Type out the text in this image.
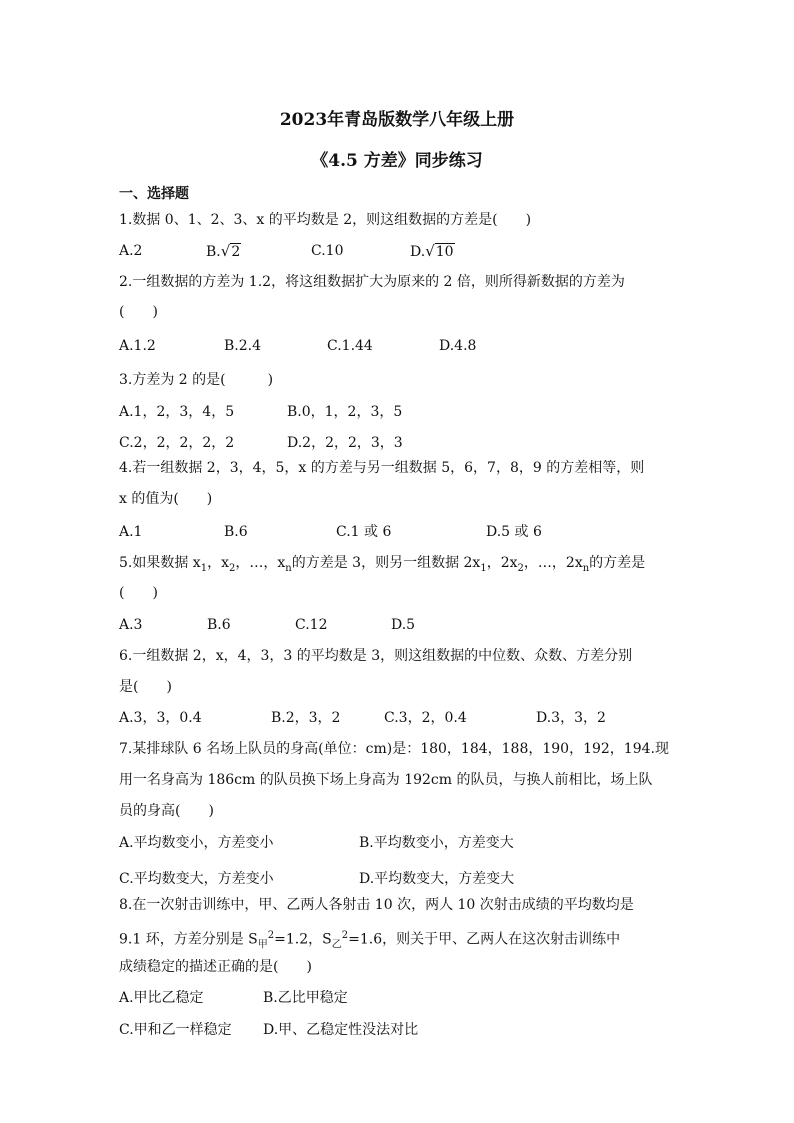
2023年青岛版数学八年级上册
《4.5 方差》同步练习
一、选择题
1.数据 0、1、2、3、x 的平均数是 2，则这组数据的方差是(　　)
A.2	B.√2	C.10	D.√10
2.一组数据的方差为 1.2，将这组数据扩大为原来的 2 倍，则所得新数据的方差为
(　　)
A.1.2	B.2.4	C.1.44	D.4.8
3.方差为 2 的是(　　　)
A.1，2，3，4，5	B.0，1，2，3，5
C.2，2，2，2，2	D.2，2，2，3，3
4.若一组数据 2，3，4，5，x 的方差与另一组数据 5，6，7，8，9 的方差相等，则
x 的值为(　　)
A.1	B.6	C.1 或 6	D.5 或 6
5.如果数据 $x_1$，$x_2$，…，$x_n$的方差是 3，则另一组数据 $2x_1$，$2x_2$，…，$2x_n$的方差是
(　　)
A.3	B.6	C.12	D.5
6.一组数据 2，x，4，3，3 的平均数是 3，则这组数据的中位数、众数、方差分别
是(　　)
A.3，3，0.4	B.2，3，2	C.3，2，0.4	D.3，3，2
7.某排球队 6 名场上队员的身高(单位：cm)是：180，184，188，190，192，194.现
用一名身高为 186cm 的队员换下场上身高为 192cm 的队员，与换人前相比，场上队
员的身高(　　)
A.平均数变小，方差变小	B.平均数变小，方差变大
C.平均数变大，方差变小	D.平均数变大，方差变大
8.在一次射击训练中，甲、乙两人各射击 10 次，两人 10 次射击成绩的平均数均是
9.1 环，方差分别是 $S_甲^2=1.2$，$S_乙^2=1.6$，则关于甲、乙两人在这次射击训练中
成绩稳定的描述正确的是(　　)
A.甲比乙稳定	B.乙比甲稳定
C.甲和乙一样稳定 D.甲、乙稳定性没法对比
